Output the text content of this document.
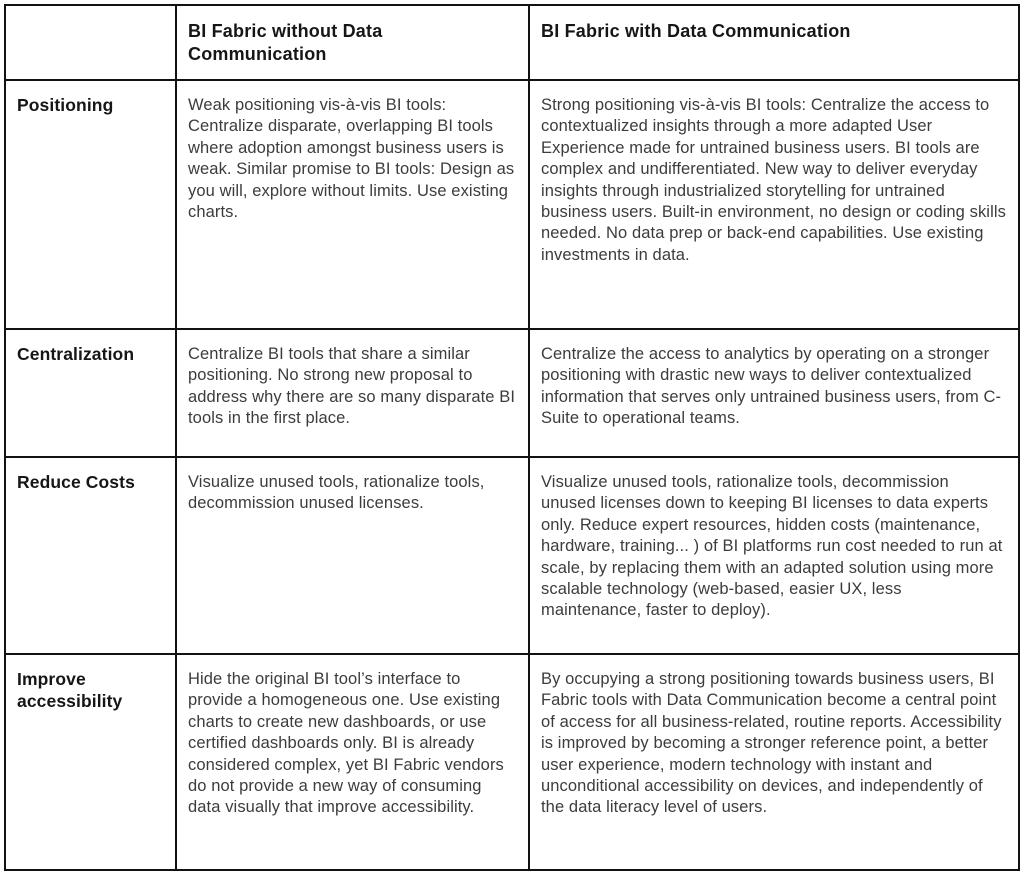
	BI Fabric without Data Communication	BI Fabric with Data Communication
Positioning	Weak positioning vis-à-vis BI tools: Centralize disparate, overlapping BI tools where adoption amongst business users is weak. Similar promise to BI tools: Design as you will, explore without limits. Use existing charts.	Strong positioning vis-à-vis BI tools: Centralize the access to contextualized insights through a more adapted User Experience made for untrained business users. BI tools are complex and undifferentiated. New way to deliver everyday insights through industrialized storytelling for untrained business users. Built-in environment, no design or coding skills needed. No data prep or back-end capabilities. Use existing investments in data.
Centralization	Centralize BI tools that share a similar positioning. No strong new proposal to address why there are so many disparate BI tools in the first place.	Centralize the access to analytics by operating on a stronger positioning with drastic new ways to deliver contextualized information that serves only untrained business users, from C-Suite to operational teams.
Reduce Costs	Visualize unused tools, rationalize tools, decommission unused licenses.	Visualize unused tools, rationalize tools, decommission unused licenses down to keeping BI licenses to data experts only. Reduce expert resources, hidden costs (maintenance, hardware, training... ) of BI platforms run cost needed to run at scale, by replacing them with an adapted solution using more scalable technology (web-based, easier UX, less maintenance, faster to deploy).
Improve accessibility	Hide the original BI tool’s interface to provide a homogeneous one. Use existing charts to create new dashboards, or use certified dashboards only. BI is already considered complex, yet BI Fabric vendors do not provide a new way of consuming data visually that improve accessibility.	By occupying a strong positioning towards business users, BI Fabric tools with Data Communication become a central point of access for all business-related, routine reports. Accessibility is improved by becoming a stronger reference point, a better user experience, modern technology with instant and unconditional accessibility on devices, and independently of the data literacy level of users.
